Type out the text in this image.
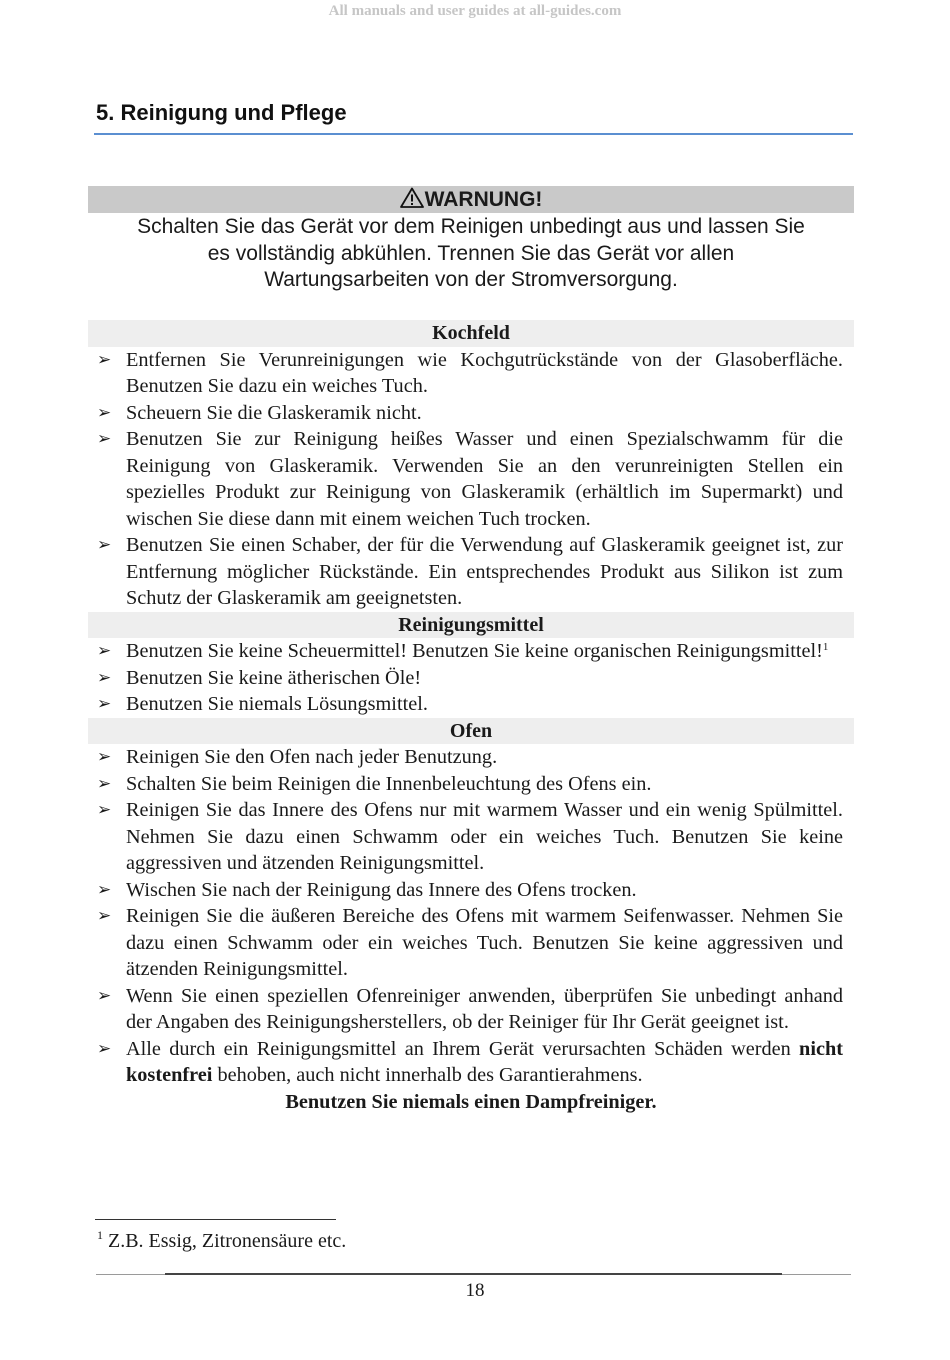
All manuals and user guides at all-guides.com
5. Reinigung und Pflege
WARNUNG!

Schalten Sie das Gerät vor dem Reinigen unbedingt aus und lassen Sie
es vollständig abkühlen. Trennen Sie das Gerät vor allen
Wartungsarbeiten von der Stromversorgung.

Kochfeld
➢ Entfernen Sie Verunreinigungen wie Kochgutrückstände von der Glasoberfläche. Benutzen Sie dazu ein weiches Tuch.
➢ Scheuern Sie die Glaskeramik nicht.
➢ Benutzen Sie zur Reinigung heißes Wasser und einen Spezialschwamm für die Reinigung von Glaskeramik. Verwenden Sie an den verunreinigten Stellen ein spezielles Produkt zur Reinigung von Glaskeramik (erhältlich im Supermarkt) und wischen Sie diese dann mit einem weichen Tuch trocken.
➢ Benutzen Sie einen Schaber, der für die Verwendung auf Glaskeramik geeignet ist, zur Entfernung möglicher Rückstände. Ein entsprechendes Produkt aus Silikon ist zum Schutz der Glaskeramik am geeignetsten.
Reinigungsmittel
➢ Benutzen Sie keine Scheuermittel! Benutzen Sie keine organischen Reinigungsmittel!$^1$
➢ Benutzen Sie keine ätherischen Öle!
➢ Benutzen Sie niemals Lösungsmittel.
Ofen
➢ Reinigen Sie den Ofen nach jeder Benutzung.
➢ Schalten Sie beim Reinigen die Innenbeleuchtung des Ofens ein.
➢ Reinigen Sie das Innere des Ofens nur mit warmem Wasser und ein wenig Spülmittel. Nehmen Sie dazu einen Schwamm oder ein weiches Tuch. Benutzen Sie keine aggressiven und ätzenden Reinigungsmittel.
➢ Wischen Sie nach der Reinigung das Innere des Ofens trocken.
➢ Reinigen Sie die äußeren Bereiche des Ofens mit warmem Seifenwasser. Nehmen Sie dazu einen Schwamm oder ein weiches Tuch. Benutzen Sie keine aggressiven und ätzenden Reinigungsmittel.
➢ Wenn Sie einen speziellen Ofenreiniger anwenden, überprüfen Sie unbedingt anhand der Angaben des Reinigungsherstellers, ob der Reiniger für Ihr Gerät geeignet ist.
➢ Alle durch ein Reinigungsmittel an Ihrem Gerät verursachten Schäden werden nicht kostenfrei behoben, auch nicht innerhalb des Garantierahmens.

Benutzen Sie niemals einen Dampfreiniger.

$^1$ Z.B. Essig, Zitronensäure etc.

18
